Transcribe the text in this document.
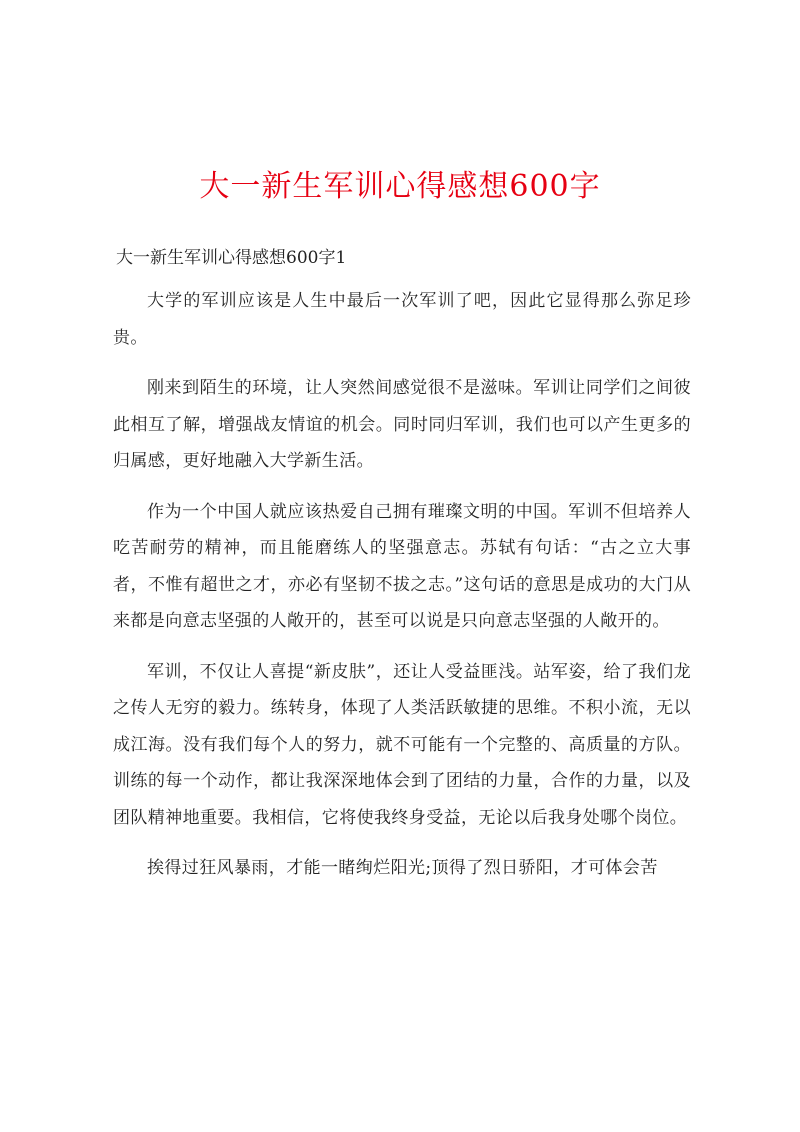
大一新生军训心得感想600字

大一新生军训心得感想600字1

大学的军训应该是人生中最后一次军训了吧，因此它显得那么弥足珍贵。

刚来到陌生的环境，让人突然间感觉很不是滋味。军训让同学们之间彼此相互了解，增强战友情谊的机会。同时同归军训，我们也可以产生更多的归属感，更好地融入大学新生活。

作为一个中国人就应该热爱自己拥有璀璨文明的中国。军训不但培养人吃苦耐劳的精神，而且能磨练人的坚强意志。苏轼有句话：“古之立大事者，不惟有超世之才，亦必有坚韧不拔之志。”这句话的意思是成功的大门从来都是向意志坚强的人敞开的，甚至可以说是只向意志坚强的人敞开的。

军训，不仅让人喜提“新皮肤”，还让人受益匪浅。站军姿，给了我们龙之传人无穷的毅力。练转身，体现了人类活跃敏捷的思维。不积小流，无以成江海。没有我们每个人的努力，就不可能有一个完整的、高质量的方队。训练的每一个动作，都让我深深地体会到了团结的力量，合作的力量，以及团队精神地重要。我相信，它将使我终身受益，无论以后我身处哪个岗位。

挨得过狂风暴雨，才能一睹绚烂阳光;顶得了烈日骄阳，才可体会苦
